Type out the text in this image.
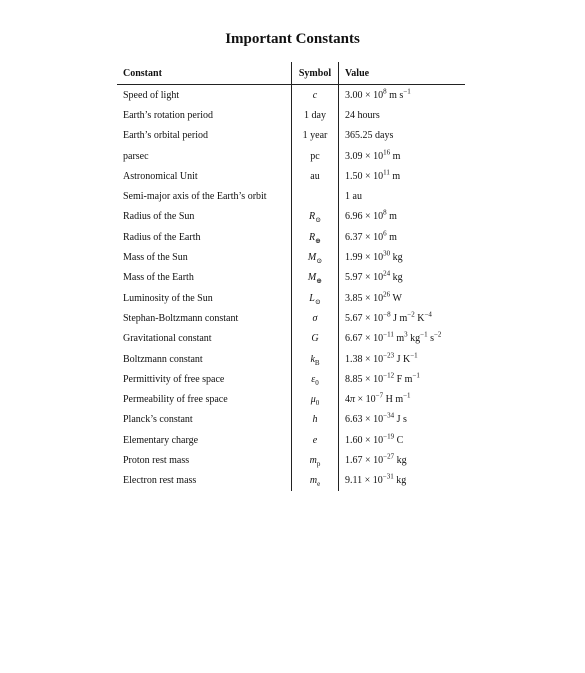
Important Constants
Constant	Symbol	Value
Speed of light	c	$3.00 \times 10^8$ m $s^{-1}$
Earth’s rotation period	1 day	24 hours
Earth’s orbital period	1 year	365.25 days
parsec	pc	$3.09 \times 10^{16}$ m
Astronomical Unit	au	$1.50 \times 10^{11}$ m
Semi-major axis of the Earth’s orbit		1 au
Radius of the Sun	$R_⊙$	$6.96 \times 10^8$ m
Radius of the Earth	$R_\oplus$	$6.37 \times 10^6$ m
Mass of the Sun	$M_⊙$	$1.99 \times 10^{30}$ kg
Mass of the Earth	$M_\oplus$	$5.97 \times 10^{24}$ kg
Luminosity of the Sun	$L_⊙$	$3.85 \times 10^{26}$ W
Stephan-Boltzmann constant	σ	$5.67 \times 10^{-8}$ J $m^{-2}$ $K^{-4}$
Gravitational constant	G	$6.67 \times 10^{-11}$ $m^3$ $kg^{-1}$ $s^{-2}$
Boltzmann constant	$k_B$	$1.38 \times 10^{-23}$ J $K^{-1}$
Permittivity of free space	$\varepsilon_0$	$8.85 \times 10^{-12}$ F $m^{-1}$
Permeability of free space	$\mu_0$	$4\pi \times 10^{-7}$ H $m^{-1}$
Planck’s constant	h	$6.63 \times 10^{-34}$ J s
Elementary charge	e	$1.60 \times 10^{-19}$ C
Proton rest mass	$m_p$	$1.67 \times 10^{-27}$ kg
Electron rest mass	$m_e$	$9.11 \times 10^{-31}$ kg
